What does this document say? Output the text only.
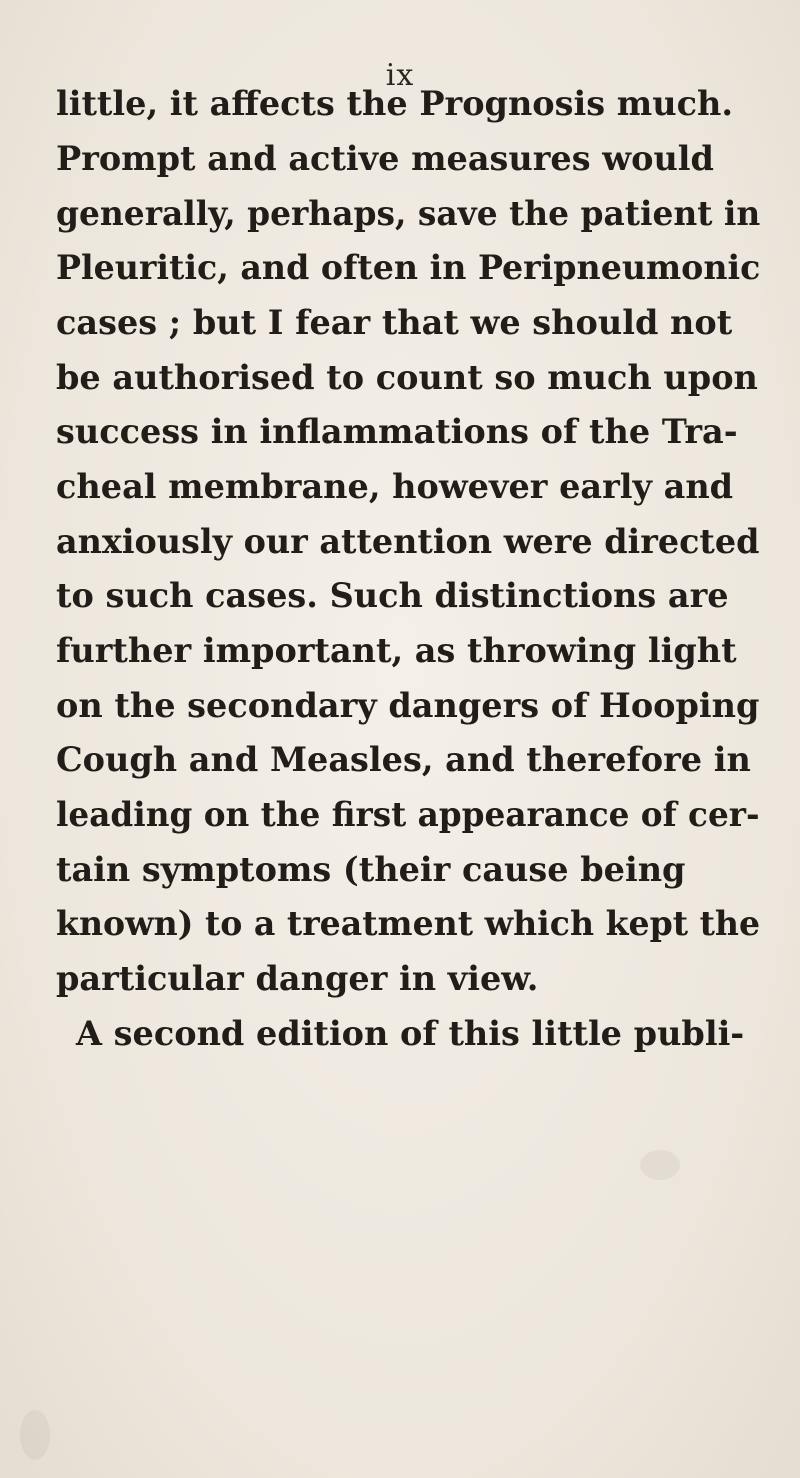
ix
little, it affects the Prognosis much.
Prompt and active measures would
generally, perhaps, save the patient in
Pleuritic, and often in Peripneumonic
cases ; but I fear that we should not
be authorised to count so much upon
success in inflammations of the Tra-
cheal membrane, however early and
anxiously our attention were directed
to such cases. Such distinctions are
further important, as throwing light
on the secondary dangers of Hooping
Cough and Measles, and therefore in
leading on the first appearance of cer-
tain symptoms (their cause being
known) to a treatment which kept the
particular danger in view.
A second edition of this little publi-
